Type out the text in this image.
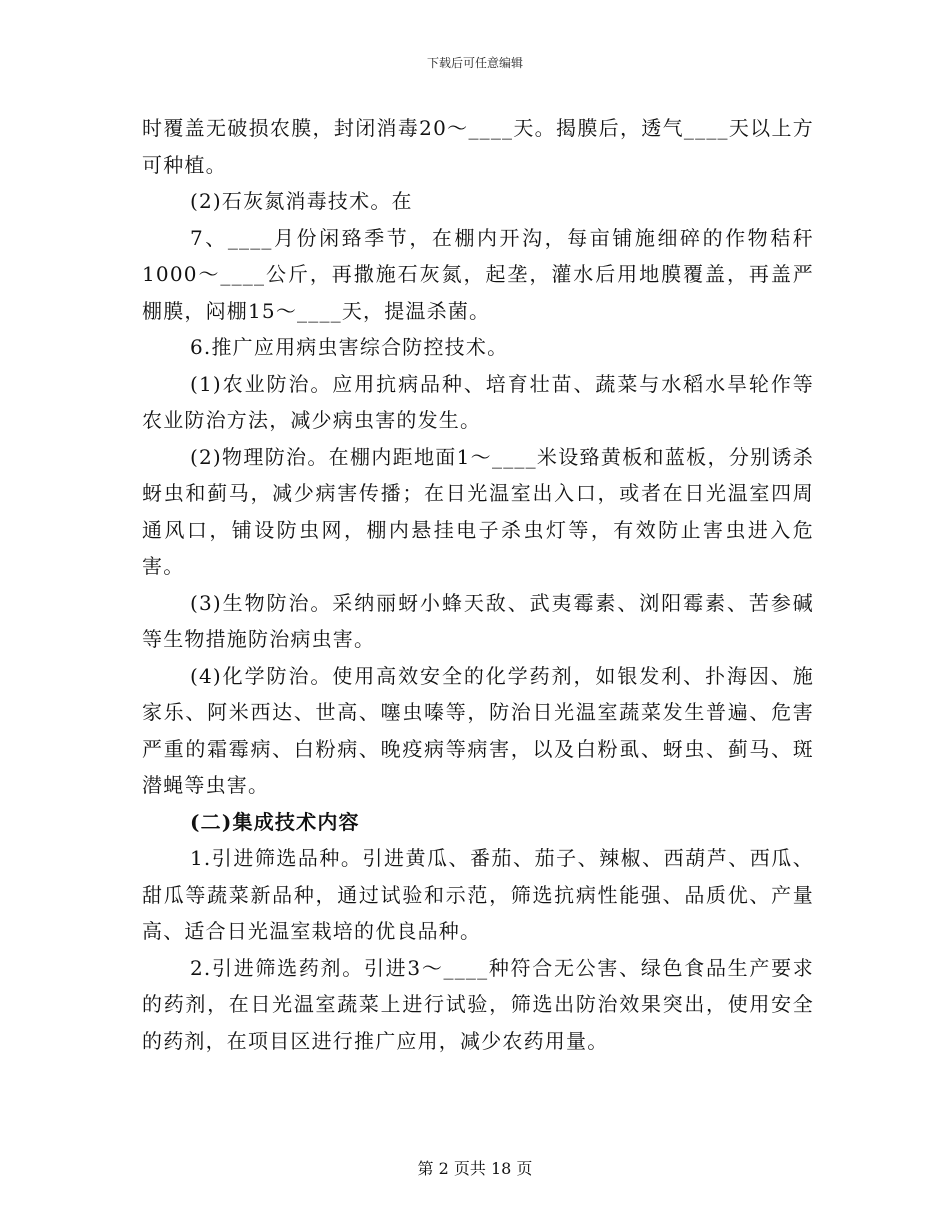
下载后可任意编辑

时覆盖无破损农膜，封闭消毒20～____天。揭膜后，透气____天以上方可种植。

(2)石灰氮消毒技术。在

7、____月份闲臵季节，在棚内开沟，每亩铺施细碎的作物秸秆1000～____公斤，再撒施石灰氮，起垄，灌水后用地膜覆盖，再盖严棚膜，闷棚15～____天，提温杀菌。

6.推广应用病虫害综合防控技术。

(1)农业防治。应用抗病品种、培育壮苗、蔬菜与水稻水旱轮作等农业防治方法，减少病虫害的发生。

(2)物理防治。在棚内距地面1～____米设臵黄板和蓝板，分别诱杀蚜虫和蓟马，减少病害传播；在日光温室出入口，或者在日光温室四周通风口，铺设防虫网，棚内悬挂电子杀虫灯等，有效防止害虫进入危害。

(3)生物防治。采纳丽蚜小蜂天敌、武夷霉素、浏阳霉素、苦参碱等生物措施防治病虫害。

(4)化学防治。使用高效安全的化学药剂，如银发利、扑海因、施家乐、阿米西达、世高、噻虫嗪等，防治日光温室蔬菜发生普遍、危害严重的霜霉病、白粉病、晚疫病等病害，以及白粉虱、蚜虫、蓟马、斑潜蝇等虫害。

(二)集成技术内容

1.引进筛选品种。引进黄瓜、番茄、茄子、辣椒、西葫芦、西瓜、甜瓜等蔬菜新品种，通过试验和示范，筛选抗病性能强、品质优、产量高、适合日光温室栽培的优良品种。

2.引进筛选药剂。引进3～____种符合无公害、绿色食品生产要求的药剂，在日光温室蔬菜上进行试验，筛选出防治效果突出，使用安全的药剂，在项目区进行推广应用，减少农药用量。

第 2 页共 18 页
